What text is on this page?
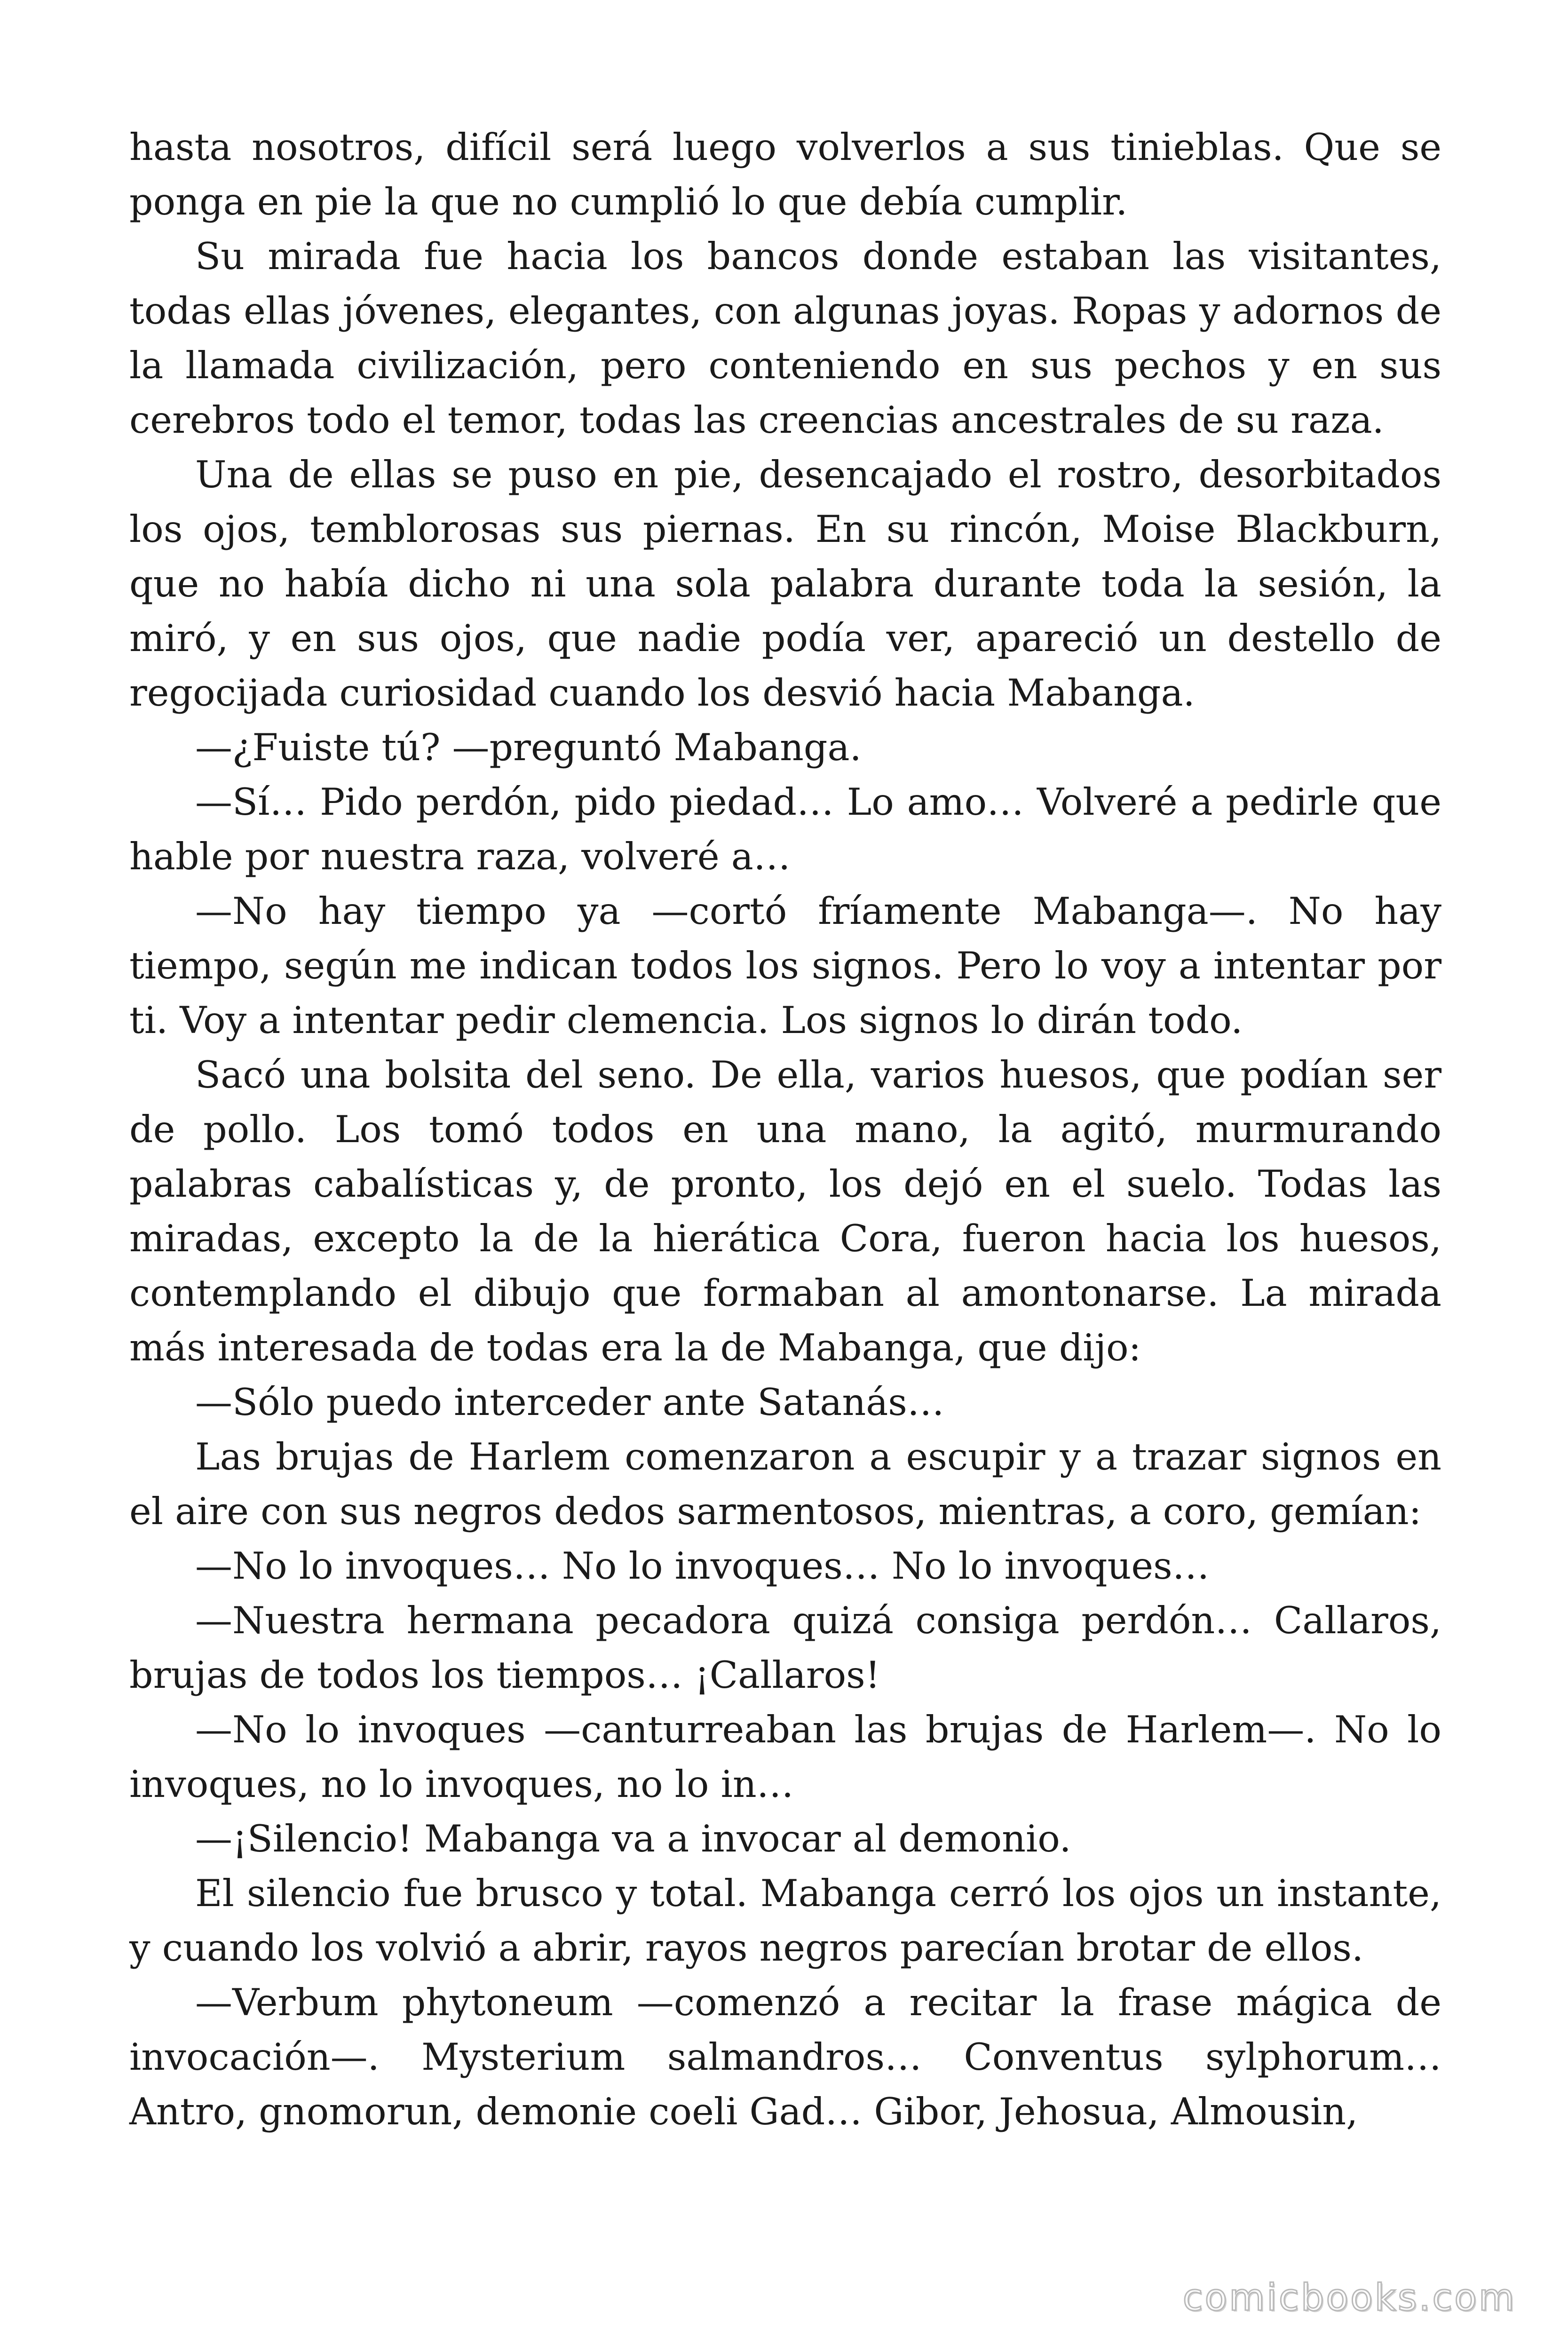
hasta nosotros, difícil será luego volverlos a sus tinieblas. Que se ponga en pie la que no cumplió lo que debía cumplir.

Su mirada fue hacia los bancos donde estaban las visitantes, todas ellas jóvenes, elegantes, con algunas joyas. Ropas y adornos de la llamada civilización, pero conteniendo en sus pechos y en sus cerebros todo el temor, todas las creencias ancestrales de su raza.

Una de ellas se puso en pie, desencajado el rostro, desorbitados los ojos, temblorosas sus piernas. En su rincón, Moise Blackburn, que no había dicho ni una sola palabra durante toda la sesión, la miró, y en sus ojos, que nadie podía ver, apareció un destello de regocijada curiosidad cuando los desvió hacia Mabanga.

—¿Fuiste tú? —preguntó Mabanga.

—Sí… Pido perdón, pido piedad… Lo amo… Volveré a pedirle que hable por nuestra raza, volveré a…

—No hay tiempo ya —cortó fríamente Mabanga—. No hay tiempo, según me indican todos los signos. Pero lo voy a intentar por ti. Voy a intentar pedir clemencia. Los signos lo dirán todo.

Sacó una bolsita del seno. De ella, varios huesos, que podían ser de pollo. Los tomó todos en una mano, la agitó, murmurando palabras cabalísticas y, de pronto, los dejó en el suelo. Todas las miradas, excepto la de la hierática Cora, fueron hacia los huesos, contemplando el dibujo que formaban al amontonarse. La mirada más interesada de todas era la de Mabanga, que dijo:

—Sólo puedo interceder ante Satanás…

Las brujas de Harlem comenzaron a escupir y a trazar signos en el aire con sus negros dedos sarmentosos, mientras, a coro, gemían:

—No lo invoques… No lo invoques… No lo invoques…

—Nuestra hermana pecadora quizá consiga perdón… Callaros, brujas de todos los tiempos… ¡Callaros!

—No lo invoques —canturreaban las brujas de Harlem—. No lo invoques, no lo invoques, no lo in…

—¡Silencio! Mabanga va a invocar al demonio.

El silencio fue brusco y total. Mabanga cerró los ojos un instante, y cuando los volvió a abrir, rayos negros parecían brotar de ellos.

—Verbum phytoneum —comenzó a recitar la frase mágica de invocación—. Mysterium salmandros… Conventus sylphorum… Antro, gnomorun, demonie coeli Gad… Gibor, Jehosua, Almousin,

comicbooks.com
